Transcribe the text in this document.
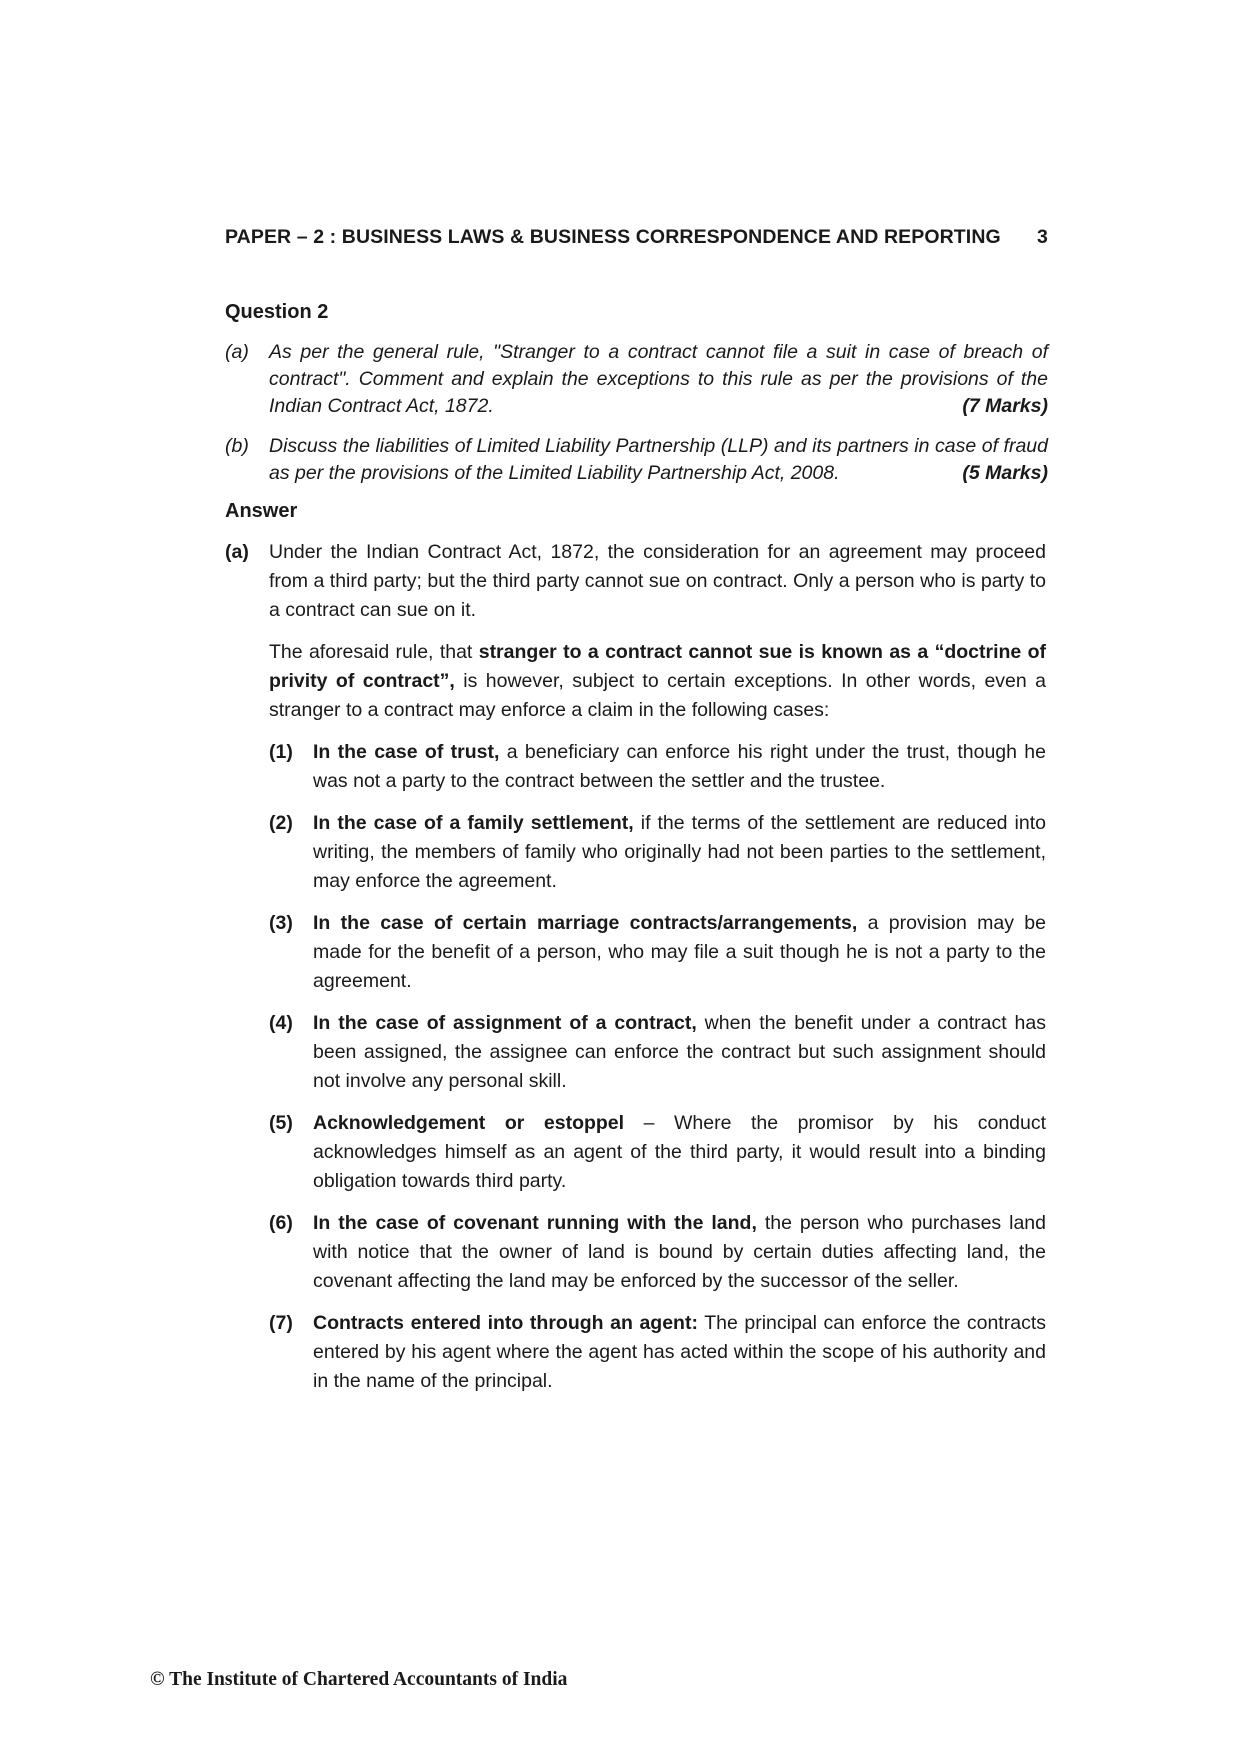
PAPER – 2 : BUSINESS LAWS & BUSINESS CORRESPONDENCE AND REPORTING 3
Question 2
(a)	As per the general rule, "Stranger to a contract cannot file a suit in case of breach of contract". Comment and explain the exceptions to this rule as per the provisions of the Indian Contract Act, 1872.	(7 Marks)
(b)	Discuss the liabilities of Limited Liability Partnership (LLP) and its partners in case of fraud as per the provisions of the Limited Liability Partnership Act, 2008.	(5 Marks)
Answer
(a)	Under the Indian Contract Act, 1872, the consideration for an agreement may proceed from a third party; but the third party cannot sue on contract. Only a person who is party to a contract can sue on it.

The aforesaid rule, that stranger to a contract cannot sue is known as a “doctrine of privity of contract”, is however, subject to certain exceptions. In other words, even a stranger to a contract may enforce a claim in the following cases:

(1)	In the case of trust, a beneficiary can enforce his right under the trust, though he was not a party to the contract between the settler and the trustee.
(2)	In the case of a family settlement, if the terms of the settlement are reduced into writing, the members of family who originally had not been parties to the settlement, may enforce the agreement.
(3)	In the case of certain marriage contracts/arrangements, a provision may be made for the benefit of a person, who may file a suit though he is not a party to the agreement.
(4)	In the case of assignment of a contract, when the benefit under a contract has been assigned, the assignee can enforce the contract but such assignment should not involve any personal skill.
(5)	Acknowledgement or estoppel – Where the promisor by his conduct acknowledges himself as an agent of the third party, it would result into a binding obligation towards third party.
(6)	In the case of covenant running with the land, the person who purchases land with notice that the owner of land is bound by certain duties affecting land, the covenant affecting the land may be enforced by the successor of the seller.
(7)	Contracts entered into through an agent: The principal can enforce the contracts entered by his agent where the agent has acted within the scope of his authority and in the name of the principal.
© The Institute of Chartered Accountants of India
